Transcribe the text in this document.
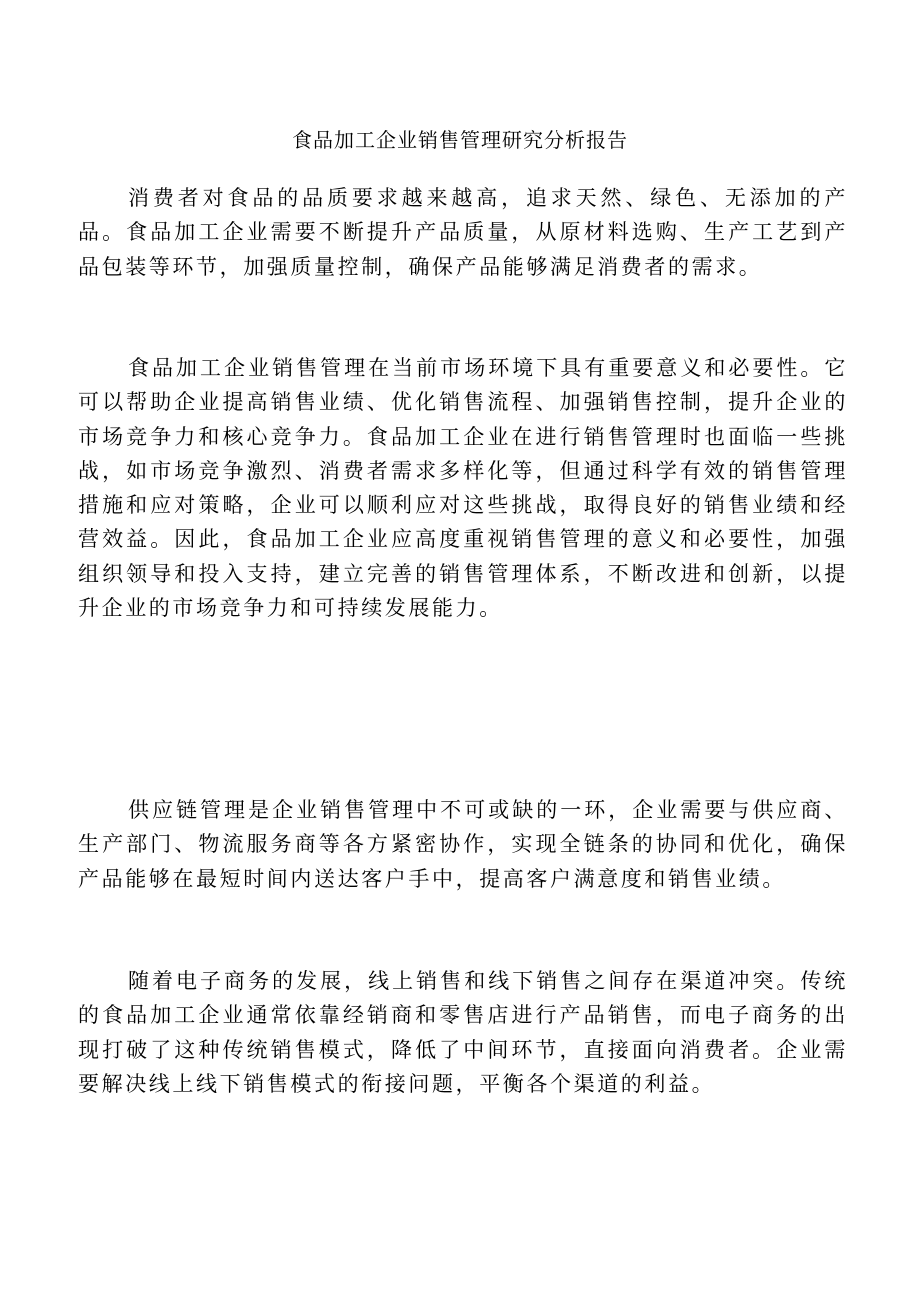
食品加工企业销售管理研究分析报告

消费者对食品的品质要求越来越高，追求天然、绿色、无添加的产品。食品加工企业需要不断提升产品质量，从原材料选购、生产工艺到产品包装等环节，加强质量控制，确保产品能够满足消费者的需求。

食品加工企业销售管理在当前市场环境下具有重要意义和必要性。它可以帮助企业提高销售业绩、优化销售流程、加强销售控制，提升企业的市场竞争力和核心竞争力。食品加工企业在进行销售管理时也面临一些挑战，如市场竞争激烈、消费者需求多样化等，但通过科学有效的销售管理措施和应对策略，企业可以顺利应对这些挑战，取得良好的销售业绩和经营效益。因此，食品加工企业应高度重视销售管理的意义和必要性，加强组织领导和投入支持，建立完善的销售管理体系，不断改进和创新，以提升企业的市场竞争力和可持续发展能力。

供应链管理是企业销售管理中不可或缺的一环，企业需要与供应商、生产部门、物流服务商等各方紧密协作，实现全链条的协同和优化，确保产品能够在最短时间内送达客户手中，提高客户满意度和销售业绩。

随着电子商务的发展，线上销售和线下销售之间存在渠道冲突。传统的食品加工企业通常依靠经销商和零售店进行产品销售，而电子商务的出现打破了这种传统销售模式，降低了中间环节，直接面向消费者。企业需要解决线上线下销售模式的衔接问题，平衡各个渠道的利益。
